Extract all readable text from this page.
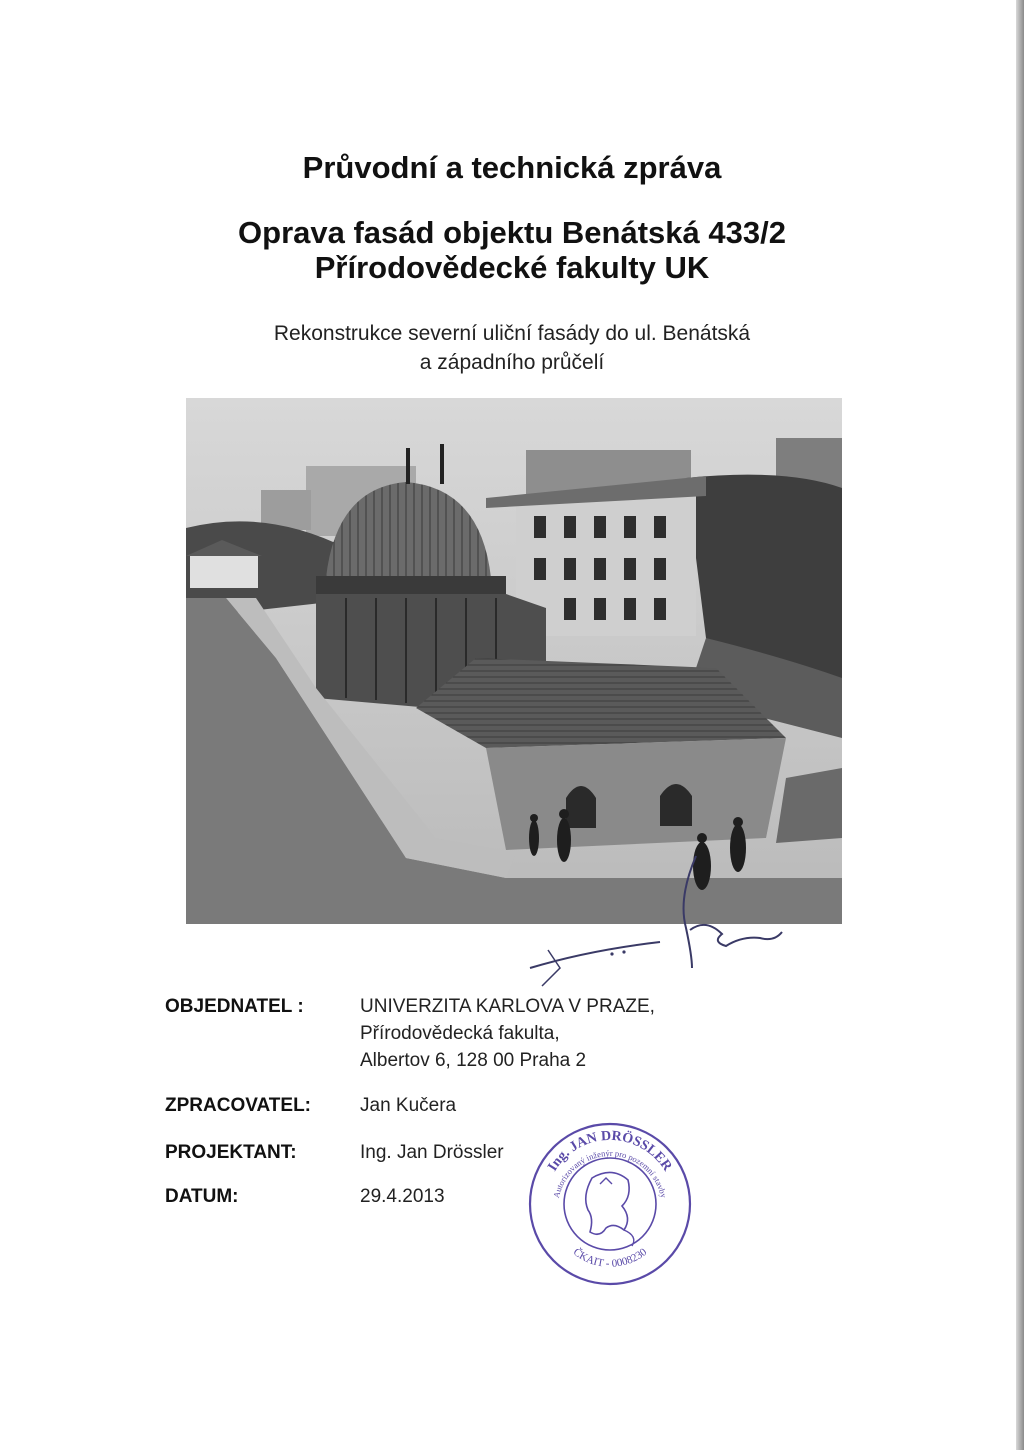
Průvodní a technická zpráva
Oprava fasád objektu Benátská 433/2
Přírodovědecké fakulty UK
Rekonstrukce severní uliční fasády do ul. Benátská
a západního průčelí
OBJEDNATEL :	UNIVERZITA KARLOVA V PRAZE,
Přírodovědecká fakulta,
Albertov 6, 128 00 Praha 2
ZPRACOVATEL:	Jan Kučera
PROJEKTANT:	Ing. Jan Drössler
DATUM:	29.4.2013
Ing. JAN DRÖSSLER
Autorizovaný inženýr pro pozemní stavby
ČKAIT - 0008230
